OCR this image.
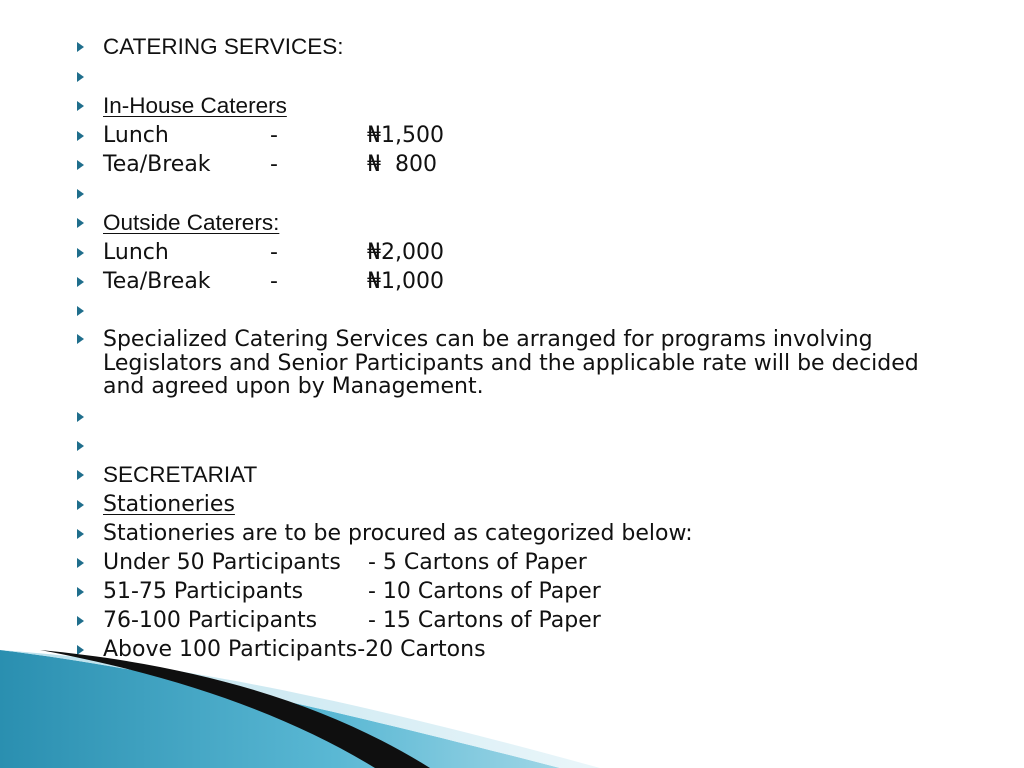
CATERING SERVICES:
In-House Caterers
Lunch	-	₦1,500
Tea/Break	-	₦  800
Outside Caterers:
Lunch	-	₦2,000
Tea/Break	-	₦1,000
Specialized Catering Services can be arranged for programs involving Legislators and Senior Participants and the applicable rate will be decided and agreed upon by Management.
SECRETARIAT
Stationeries
Stationeries are to be procured as categorized below:
Under 50 Participants - 5 Cartons of Paper
51-75 Participants	- 10 Cartons of Paper
76-100 Participants - 15 Cartons of Paper
Above 100 Participants-20 Cartons
